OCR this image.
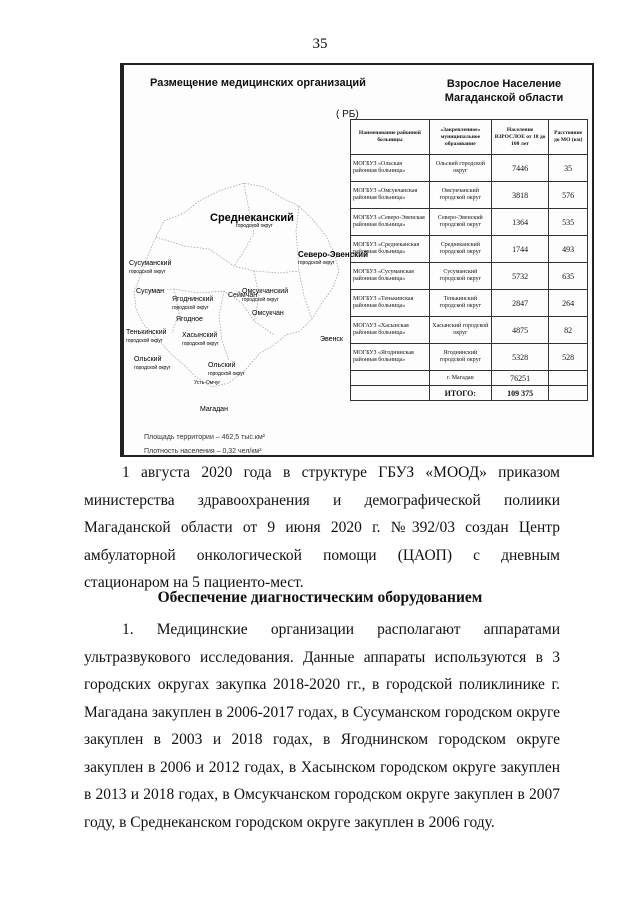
35
Размещение медицинских организаций	Взрослое Население
Магаданской области
( РБ)
Среднеканский
городской округ
Северо-Эвенский
городской округ
Сусуманский
городской округ
Сусуман
Ягоднинский
городской округ
Омсукчанский
городской округ
Сеймчан
Ягодное
Омсукчан
Тенькинский
городской округ
Хасынский
городской округ
Эвенск
Ольский
городской округ	Ольский
городской округ
Магадан
Усть-Омчуг
Площадь территории – 462,5 тыс.км²
Плотность населения – 0,32 чел/км²
Наименование районной больницы	«Закрепленное» муниципальное образование	Население ВЗРОСЛОЕ от 18 до 100 лет	Расстояние до МО (км)
МОГБУЗ «Ольская районная больница»	Ольский городской округ	7446	35
МОГБУЗ «Омсукчанская районная больница»	Омсукчанский городской округ	3818	576
МОГБУЗ «Северо-Эвенская районная больница»	Северо-Эвенский городской округ	1364	535
МОГБУЗ «Среднеканская районная больница»	Среднеканский городской округ	1744	493
МОГБУЗ «Сусуманская районная больница»	Сусуманский городской округ	5732	635
МОГБУЗ «Тенькинская районная больница»	Тенькинский городской округ	2847	264
МОГАУЗ «Хасынская районная больница»	Хасынский городской округ	4875	82
МОГБУЗ «Ягоднинская районная больница»	Ягоднинский городской округ	5328	528
	г. Магадан	76251	
	ИТОГО:	109 375	
1 августа 2020 года в структуре ГБУЗ «МООД» приказом министерства здравоохранения и демографической полиики Магаданской области от 9 июня 2020 г. №392/03 создан Центр амбулаторной онкологической помощи (ЦАОП) с дневным стационаром на 5 пациенто-мест.
Обеспечение диагностическим оборудованием
1. Медицинские организации располагают аппаратами ультразвукового исследования. Данные аппараты используются в 3 городских округах закупка 2018-2020 гг., в городской поликлинике г. Магадана закуплен в 2006-2017 годах, в Сусуманском городском округе закуплен в 2003 и 2018 годах, в Ягоднинском городском округе закуплен в 2006 и 2012 годах, в Хасынском городском округе закуплен в 2013 и 2018 годах, в Омсукчанском городском округе закуплен в 2007 году, в Среднеканском городском округе закуплен в 2006 году.
